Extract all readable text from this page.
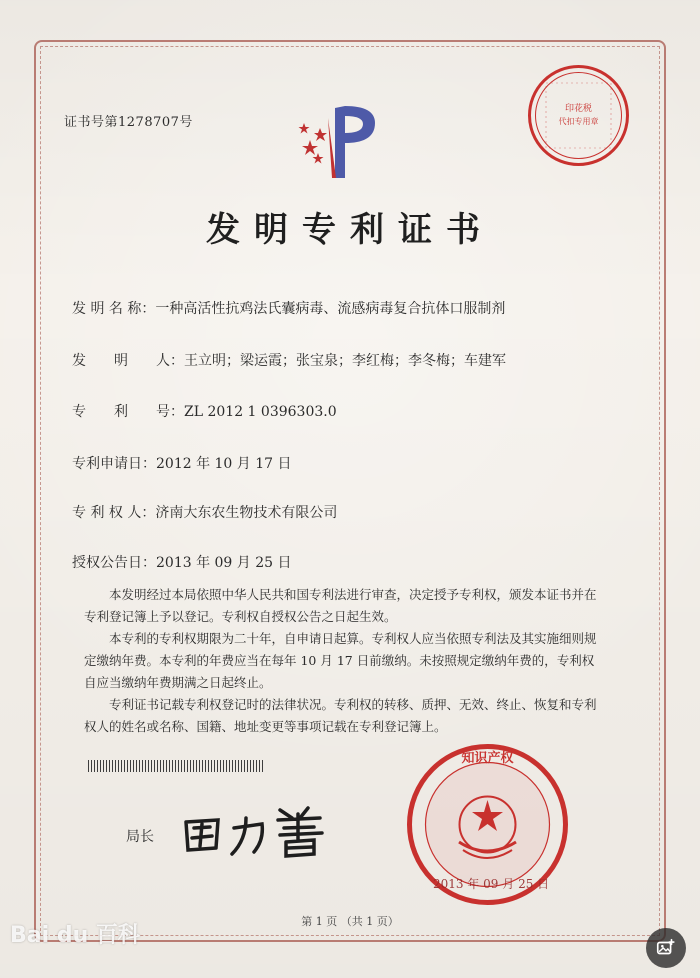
证书号第1278707号
发明专利证书
发 明 名 称：一种高活性抗鸡法氏囊病毒、流感病毒复合抗体口服制剂
发　　明　　人：王立明；梁运霞；张宝泉；李红梅；李冬梅；车建军
专　　利　　号：ZL 2012 1 0396303.0
专利申请日：2012 年 10 月 17 日
专 利 权 人：济南大东农生物技术有限公司
授权公告日：2013 年 09 月 25 日

本发明经过本局依照中华人民共和国专利法进行审查，决定授予专利权，颁发本证书并在专利登记簿上予以登记。专利权自授权公告之日起生效。

本专利的专利权期限为二十年，自申请日起算。专利权人应当依照专利法及其实施细则规定缴纳年费。本专利的年费应当在每年 10 月 17 日前缴纳。未按照规定缴纳年费的，专利权自应当缴纳年费期满之日起终止。

专利证书记载专利权登记时的法律状况。专利权的转移、质押、无效、终止、恢复和专利权人的姓名或名称、国籍、地址变更等事项记载在专利登记簿上。

局长
印花税
代扣专用章
知识产权
2013 年 09 月 25 日
第 1 页 （共 1 页）
Bai du 百科
